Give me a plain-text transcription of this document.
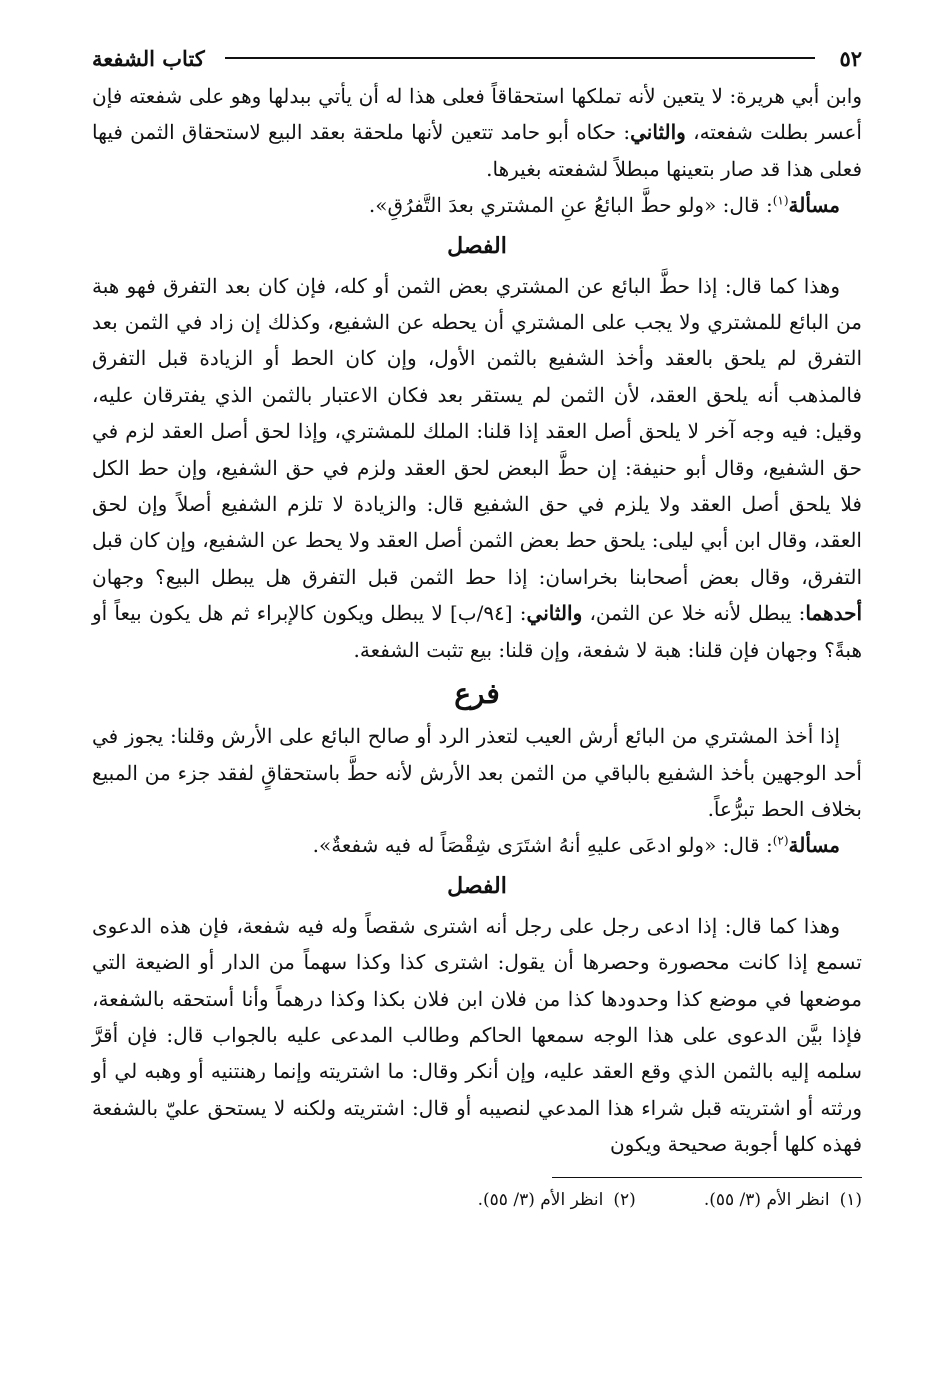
٥٢
كتاب الشفعة

وابن أبي هريرة: لا يتعين لأنه تملكها استحقاقاً فعلى هذا له أن يأتي ببدلها وهو على شفعته فإن أعسر بطلت شفعته، والثاني: حكاه أبو حامد تتعين لأنها ملحقة بعقد البيع لاستحقاق الثمن فيها فعلى هذا قد صار بتعينها مبطلاً لشفعته بغيرها.

مسألة$^{(١)}$: قال: «ولو حطَّ البائعُ عنِ المشتري بعدَ التَّفرُقِ».

الفصل

وهذا كما قال: إذا حطَّ البائع عن المشتري بعض الثمن أو كله، فإن كان بعد التفرق فهو هبة من البائع للمشتري ولا يجب على المشتري أن يحطه عن الشفيع، وكذلك إن زاد في الثمن بعد التفرق لم يلحق بالعقد وأخذ الشفيع بالثمن الأول، وإن كان الحط أو الزيادة قبل التفرق فالمذهب أنه يلحق العقد، لأن الثمن لم يستقر بعد فكان الاعتبار بالثمن الذي يفترقان عليه، وقيل: فيه وجه آخر لا يلحق أصل العقد إذا قلنا: الملك للمشتري، وإذا لحق أصل العقد لزم في حق الشفيع، وقال أبو حنيفة: إن حطَّ البعض لحق العقد ولزم في حق الشفيع، وإن حط الكل فلا يلحق أصل العقد ولا يلزم في حق الشفيع قال: والزيادة لا تلزم الشفيع أصلاً وإن لحق العقد، وقال ابن أبي ليلى: يلحق حط بعض الثمن أصل العقد ولا يحط عن الشفيع، وإن كان قبل التفرق، وقال بعض أصحابنا بخراسان: إذا حط الثمن قبل التفرق هل يبطل البيع؟ وجهان أحدهما: يبطل لأنه خلا عن الثمن، والثاني: [٩٤/ب] لا يبطل ويكون كالإبراء ثم هل يكون بيعاً أو هبةً؟ وجهان فإن قلنا: هبة لا شفعة، وإن قلنا: بيع تثبت الشفعة.

فرع

إذا أخذ المشتري من البائع أرش العيب لتعذر الرد أو صالح البائع على الأرش وقلنا: يجوز في أحد الوجهين بأخذ الشفيع بالباقي من الثمن بعد الأرش لأنه حطَّ باستحقاقٍ لفقد جزء من المبيع بخلاف الحط تبرُّعاً.

مسألة$^{(٢)}$: قال: «ولو ادعَى عليهِ أنهُ اشتَرَى شِقْصَاً له فيه شفعةٌ».

الفصل

وهذا كما قال: إذا ادعى رجل على رجل أنه اشترى شقصاً وله فيه شفعة، فإن هذه الدعوى تسمع إذا كانت محصورة وحصرها أن يقول: اشترى كذا وكذا سهماً من الدار أو الضيعة التي موضعها في موضع كذا وحدودها كذا من فلان ابن فلان بكذا وكذا درهماً وأنا أستحقه بالشفعة، فإذا بيَّن الدعوى على هذا الوجه سمعها الحاكم وطالب المدعى عليه بالجواب قال: فإن أقرَّ سلمه إليه بالثمن الذي وقع العقد عليه، وإن أنكر وقال: ما اشتريته وإنما رهنتنيه أو وهبه لي أو ورثته أو اشتريته قبل شراء هذا المدعي لنصيبه أو قال: اشتريته ولكنه لا يستحق عليّ بالشفعة فهذه كلها أجوبة صحيحة ويكون

(١)انظر الأم (٣/ ٥٥).
(٢)انظر الأم (٣/ ٥٥).
